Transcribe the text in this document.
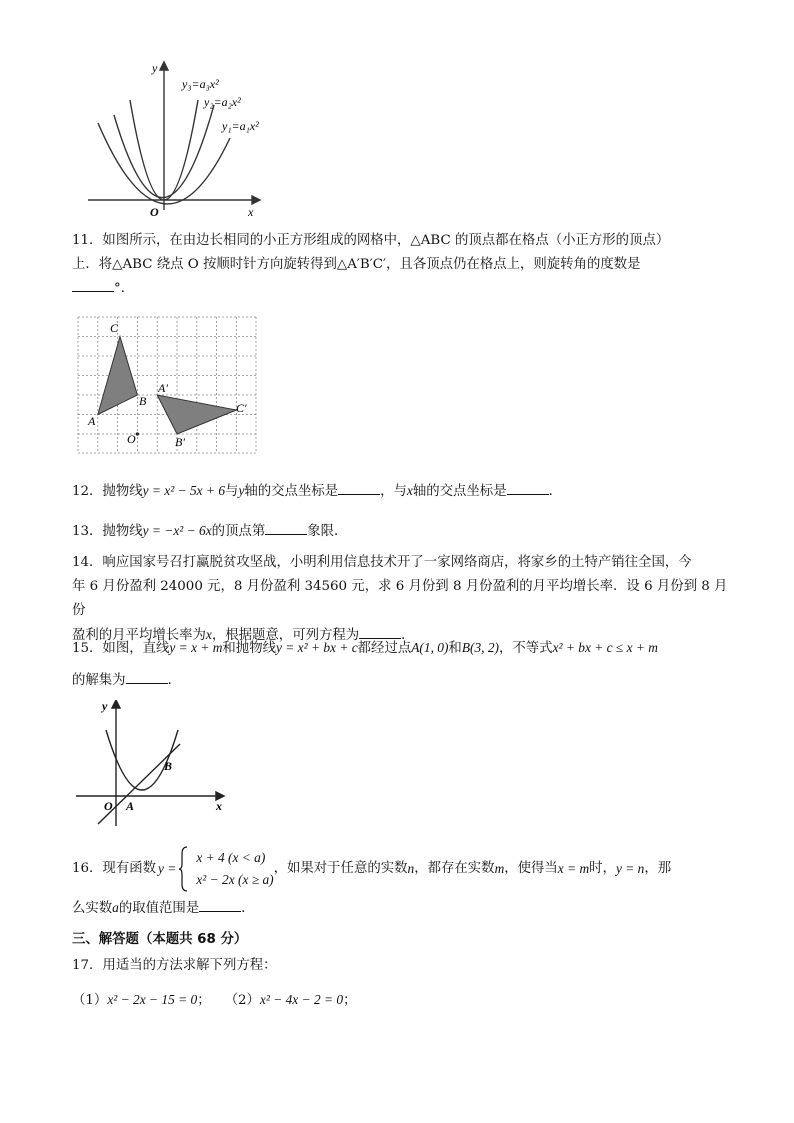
y
x
O
y₃=a₃x²
y₂=a₂x²
y₁=a₁x²
11．如图所示，在由边长相同的小正方形组成的网格中，△ABC 的顶点都在格点（小正方形的顶点）
上．将△ABC 绕点 O 按顺时针方向旋转得到△A′B′C′，且各顶点仍在格点上，则旋转角的度数是
°．
C
A
B
O
A′
B′
C′
12．抛物线y = x² − 5x + 6与y轴的交点坐标是	，与x轴的交点坐标是	．
13．抛物线y = −x² − 6x的顶点第	象限．
14．响应国家号召打赢脱贫攻坚战，小明利用信息技术开了一家网络商店，将家乡的土特产销往全国，今
年 6 月份盈利 24000 元，8 月份盈利 34560 元，求 6 月份到 8 月份盈利的月平均增长率．设 6 月份到 8 月份
盈利的月平均增长率为x，根据题意，可列方程为	．
15．如图，直线y = x + m和抛物线y = x² + bx + c都经过点A(1, 0)和B(3, 2)，不等式x² + bx + c ≤ x + m
的解集为	．
y
x
O A
B
16．现有函数 y =
x + 4 (x < a)
x² − 2x (x ≥ a)
，如果对于任意的实数 n ，都存在实数 m ，使得当 x = m 时， y = n ，那
么实数a的取值范围是	．
三、解答题（本题共 68 分）
17．用适当的方法求解下列方程：
（1）x² − 2x − 15 = 0； （2）x² − 4x − 2 = 0；
